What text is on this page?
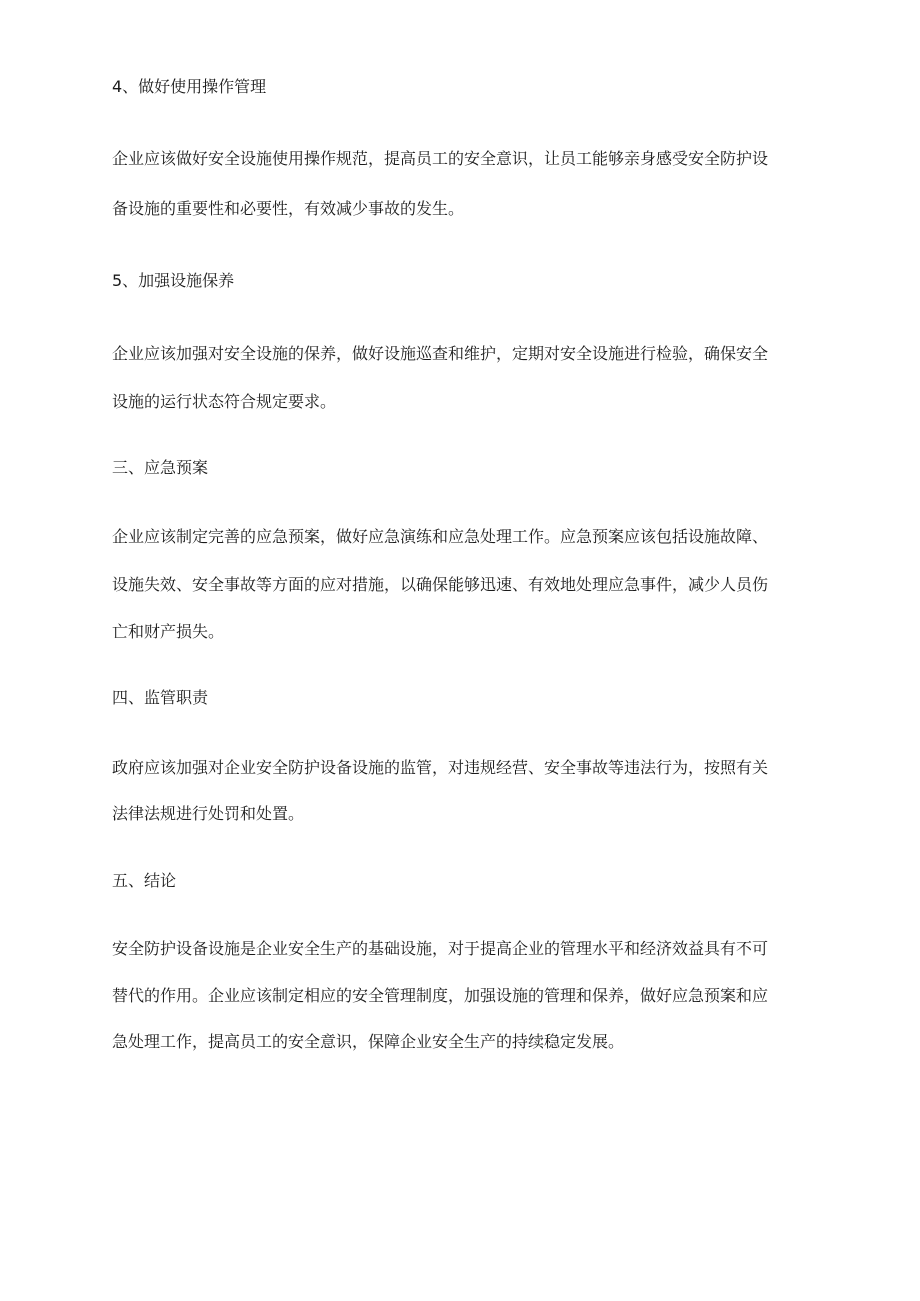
4、做好使用操作管理

企业应该做好安全设施使用操作规范，提高员工的安全意识，让员工能够亲身感受安全防护设

备设施的重要性和必要性，有效减少事故的发生。

5、加强设施保养

企业应该加强对安全设施的保养，做好设施巡查和维护，定期对安全设施进行检验，确保安全

设施的运行状态符合规定要求。

三、应急预案

企业应该制定完善的应急预案，做好应急演练和应急处理工作。应急预案应该包括设施故障、

设施失效、安全事故等方面的应对措施，以确保能够迅速、有效地处理应急事件，减少人员伤

亡和财产损失。

四、监管职责

政府应该加强对企业安全防护设备设施的监管，对违规经营、安全事故等违法行为，按照有关

法律法规进行处罚和处置。

五、结论

安全防护设备设施是企业安全生产的基础设施，对于提高企业的管理水平和经济效益具有不可

替代的作用。企业应该制定相应的安全管理制度，加强设施的管理和保养，做好应急预案和应

急处理工作，提高员工的安全意识，保障企业安全生产的持续稳定发展。
